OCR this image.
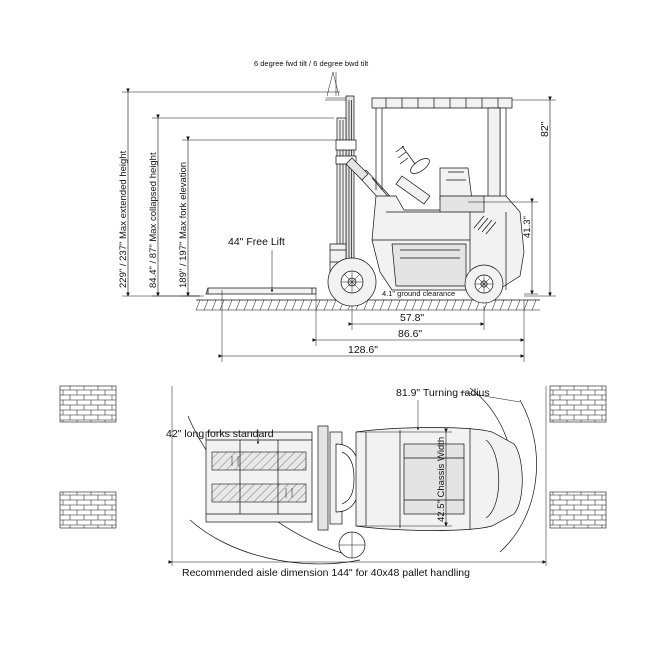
6 degree fwd tilt / 6 degree bwd tilt
229" / 237" Max extended height 84.4" / 87" Max collapsed height 189" / 197" Max fork elevation	44" Free Lift
82"
41.3"
4.1" ground clearance
57.8"
86.6"
128.6"
81.9" Turning radius
42" long forks standard
42.5" Chassis Width
Recommended aisle dimension 144" for 40x48 pallet handling
